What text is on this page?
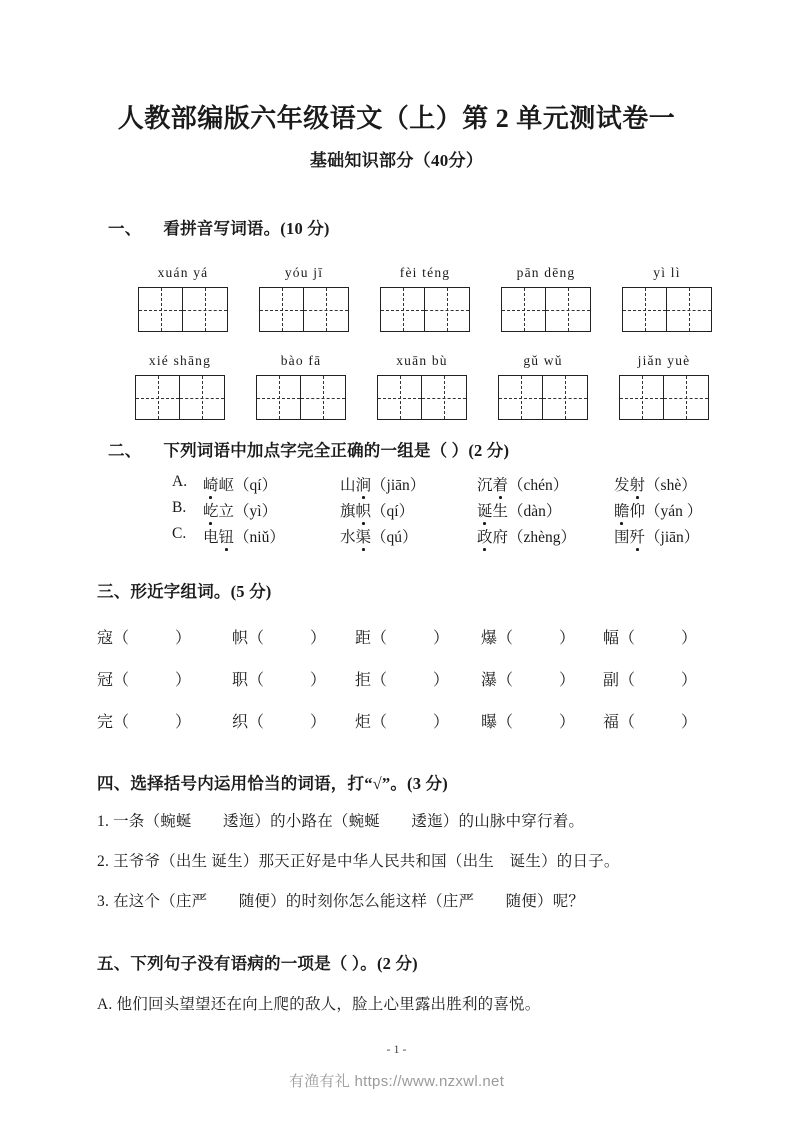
人教部编版六年级语文（上）第 2 单元测试卷一
基础知识部分（40分）
一、 看拼音写词语。(10 分)
xuán yá	yóu jī	fèi téng	pān dēng	yì lì
xié shāng	bào fā	xuān bù	gǔ wǔ	jiǎn yuè
二、 下列词语中加点字完全正确的一组是（ ）(2 分)
A. 崎岖（qí）	山涧（jiān）	沉着（chén）	发射（shè）
B. 屹立（yì）	旗帜（qí）	诞生（dàn）	瞻仰（yán ）
C. 电钮（niǔ）	水渠（qú）	政府（zhèng） 围歼（jiān）
三、形近字组词。(5 分)
寇（	）	帜（	） 距（	） 爆（	） 幅（	）
冠（	）	职（	） 拒（	） 瀑（	） 副（	）
完（	）	织（	） 炬（	） 曝（	） 福（	）
四、选择括号内运用恰当的词语，打“√”。(3 分)
1. 一条（蜿蜒　　逶迤）的小路在（蜿蜒　　逶迤）的山脉中穿行着。
2. 王爷爷（出生 诞生）那天正好是中华人民共和国（出生　诞生）的日子。
3. 在这个（庄严　　随便）的时刻你怎么能这样（庄严　　随便）呢？
五、下列句子没有语病的一项是（ ）。(2 分)
A. 他们回头望望还在向上爬的敌人，脸上心里露出胜利的喜悦。
- 1 -
有渔有礼 https://www.nzxwl.net
